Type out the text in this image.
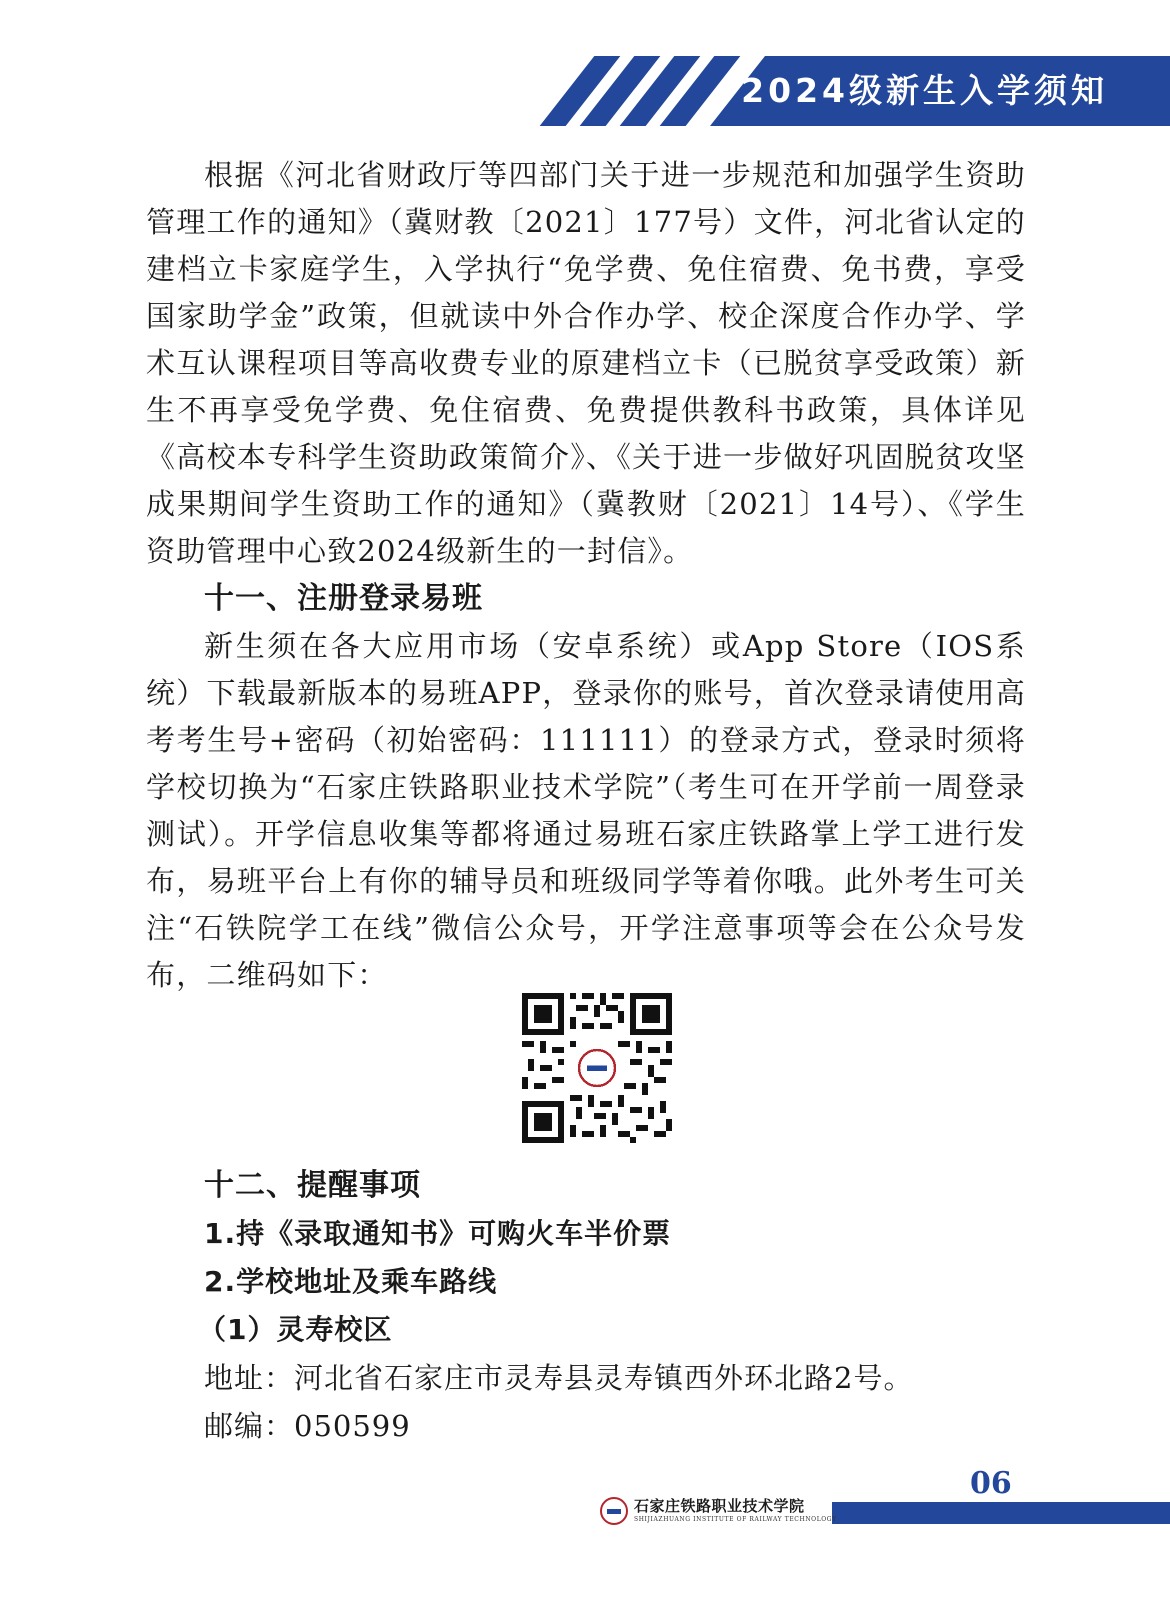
2024级新生入学须知

根据《河北省财政厅等四部门关于进一步规范和加强学生资助管理工作的通知》（冀财教〔2021〕177号）文件，河北省认定的建档立卡家庭学生，入学执行“免学费、免住宿费、免书费，享受国家助学金”政策，但就读中外合作办学、校企深度合作办学、学术互认课程项目等高收费专业的原建档立卡（已脱贫享受政策）新生不再享受免学费、免住宿费、免费提供教科书政策，具体详见《高校本专科学生资助政策简介》、《关于进一步做好巩固脱贫攻坚成果期间学生资助工作的通知》（冀教财〔2021〕14号）、《学生资助管理中心致2024级新生的一封信》。

十一、注册登录易班

新生须在各大应用市场（安卓系统）或App Store（IOS系统）下载最新版本的易班APP，登录你的账号，首次登录请使用高考考生号+密码（初始密码：111111）的登录方式，登录时须将学校切换为“石家庄铁路职业技术学院”（考生可在开学前一周登录测试）。开学信息收集等都将通过易班石家庄铁路掌上学工进行发布，易班平台上有你的辅导员和班级同学等着你哦。此外考生可关注“石铁院学工在线”微信公众号，开学注意事项等会在公众号发布，二维码如下：

十二、提醒事项
1.持《录取通知书》可购火车半价票
2.学校地址及乘车路线
（1）灵寿校区
地址：河北省石家庄市灵寿县灵寿镇西外环北路2号。
邮编：050599
06
石家庄铁路职业技术学院
SHIJIAZHUANG INSTITUTE OF RAILWAY TECHNOLOGY
